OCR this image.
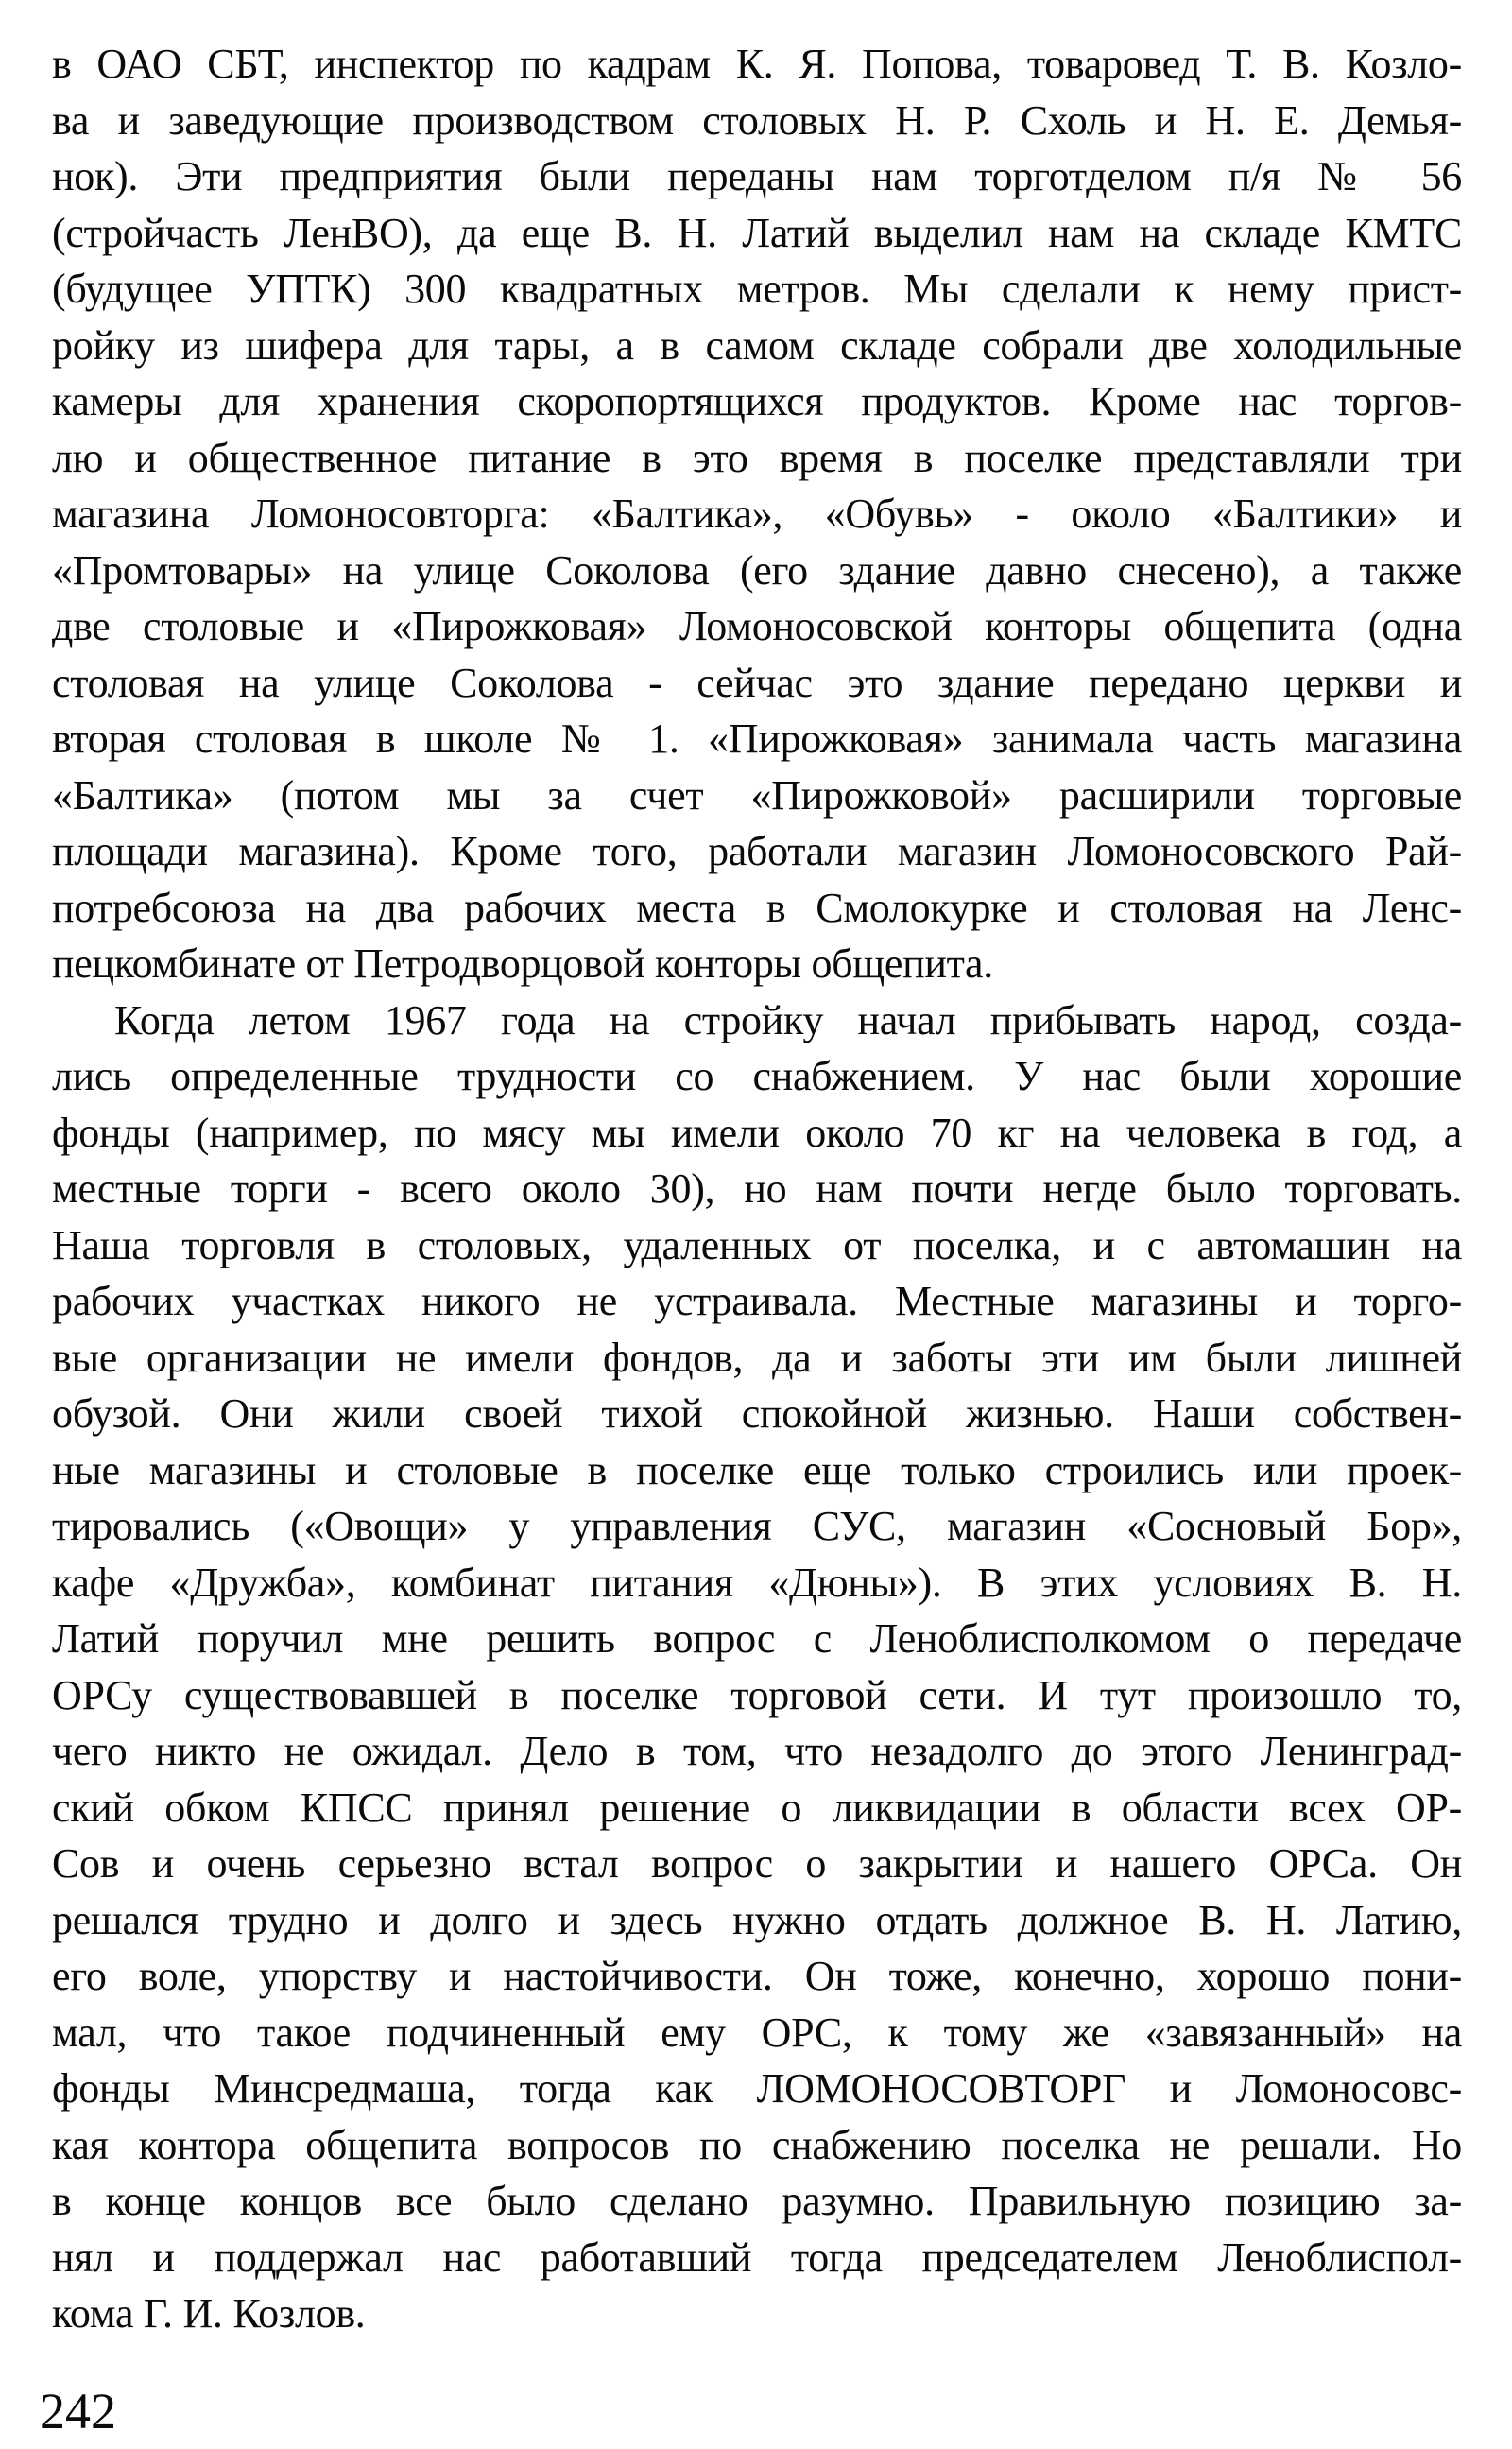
в ОАО СБТ, инспектор по кадрам К. Я. Попова, товаровед Т. В. Козло-
ва и заведующие производством столовых Н. Р. Схоль и Н. Е. Демья-
нок). Эти предприятия были переданы нам торготделом п/я № 56
(стройчасть ЛенВО), да еще В. Н. Латий выделил нам на складе КМТС
(будущее УПТК) 300 квадратных метров. Мы сделали к нему прист-
ройку из шифера для тары, а в самом складе собрали две холодильные
камеры для хранения скоропортящихся продуктов. Кроме нас торгов-
лю и общественное питание в это время в поселке представляли три
магазина Ломоносовторга: «Балтика», «Обувь» - около «Балтики» и
«Промтовары» на улице Соколова (его здание давно снесено), а также
две столовые и «Пирожковая» Ломоносовской конторы общепита (одна
столовая на улице Соколова - сейчас это здание передано церкви и
вторая столовая в школе № 1. «Пирожковая» занимала часть магазина
«Балтика» (потом мы за счет «Пирожковой» расширили торговые
площади магазина). Кроме того, работали магазин Ломоносовского Рай-
потребсоюза на два рабочих места в Смолокурке и столовая на Ленс-
пецкомбинате от Петродворцовой конторы общепита.
Когда летом 1967 года на стройку начал прибывать народ, созда-
лись определенные трудности со снабжением. У нас были хорошие
фонды (например, по мясу мы имели около 70 кг на человека в год, а
местные торги - всего около 30), но нам почти негде было торговать.
Наша торговля в столовых, удаленных от поселка, и с автомашин на
рабочих участках никого не устраивала. Местные магазины и торго-
вые организации не имели фондов, да и заботы эти им были лишней
обузой. Они жили своей тихой спокойной жизнью. Наши собствен-
ные магазины и столовые в поселке еще только строились или проек-
тировались («Овощи» у управления СУС, магазин «Сосновый Бор»,
кафе «Дружба», комбинат питания «Дюны»). В этих условиях В. Н.
Латий поручил мне решить вопрос с Леноблисполкомом о передаче
ОРСу существовавшей в поселке торговой сети. И тут произошло то,
чего никто не ожидал. Дело в том, что незадолго до этого Ленинград-
ский обком КПСС принял решение о ликвидации в области всех ОР-
Сов и очень серьезно встал вопрос о закрытии и нашего ОРСа. Он
решался трудно и долго и здесь нужно отдать должное В. Н. Латию,
его воле, упорству и настойчивости. Он тоже, конечно, хорошо пони-
мал, что такое подчиненный ему ОРС, к тому же «завязанный» на
фонды Минсредмаша, тогда как ЛОМОНОСОВТОРГ и Ломоносовс-
кая контора общепита вопросов по снабжению поселка не решали. Но
в конце концов все было сделано разумно. Правильную позицию за-
нял и поддержал нас работавший тогда председателем Леноблиспол-
кома Г. И. Козлов.
242
